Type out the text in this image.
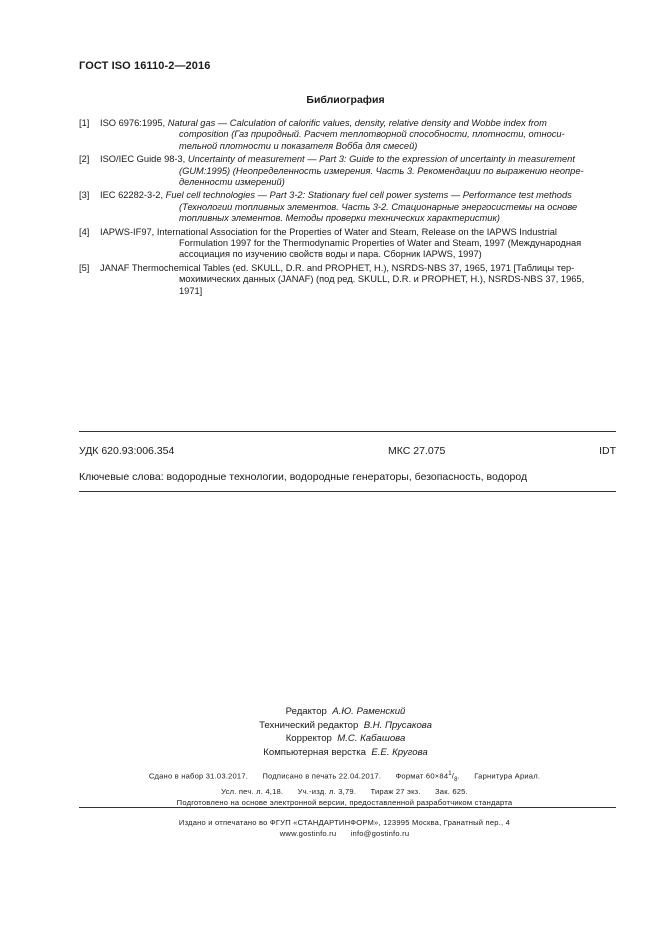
ГОСТ ISO 16110-2—2016
Библиография
[1]	ISO 6976:1995, Natural gas — Calculation of calorific values, density, relative density and Wobbe index from
composition (Газ природный. Расчет теплотворной способности, плотности, относи-
тельной плотности и показателя Вобба для смесей)
[2]	ISO/IEC Guide 98-3, Uncertainty of measurement — Part 3: Guide to the expression of uncertainty in measurement
(GUM:1995) (Неопределенность измерения. Часть 3. Рекомендации по выражению неопре-
деленности измерений)
[3]	IEC 62282-3-2, Fuel cell technologies — Part 3-2: Stationary fuel cell power systems — Performance test methods
(Технологии топливных элементов. Часть 3-2. Стационарные энергосистемы на основе
топливных элементов. Методы проверки технических характеристик)
[4]	IAPWS-IF97, International Association for the Properties of Water and Steam, Release on the IAPWS Industrial
Formulation 1997 for the Thermodynamic Properties of Water and Steam, 1997 (Международная
ассоциация по изучению свойств воды и пара. Сборник IAPWS, 1997)
[5]	JANAF Thermochemical Tables (ed. SKULL, D.R. and PROPHET, H.), NSRDS-NBS 37, 1965, 1971 [Таблицы тер-
мохимических данных (JANAF) (под ред. SKULL, D.R. и PROPHET, H.), NSRDS-NBS 37, 1965,
1971]
УДК 620.93:006.354	МКС 27.075	IDT
Ключевые слова: водородные технологии, водородные генераторы, безопасность, водород
Редактор А.Ю. Раменский
Технический редактор В.Н. Прусакова
Корректор М.С. Кабашова
Компьютерная верстка Е.Е. Кругова
Сдано в набор 31.03.2017. Подписано в печать 22.04.2017. Формат $60\times 84^1/_8$. Гарнитура Ариал.
Усл. печ. л. 4,18. Уч.-изд. л. 3,79. Тираж 27 экз. Зак. 625.
Подготовлено на основе электронной версии, предоставленной разработчиком стандарта
Издано и отпечатано во ФГУП «СТАНДАРТИНФОРМ», 123995 Москва, Гранатный пер., 4
www.gostinfo.ru info@gostinfo.ru
